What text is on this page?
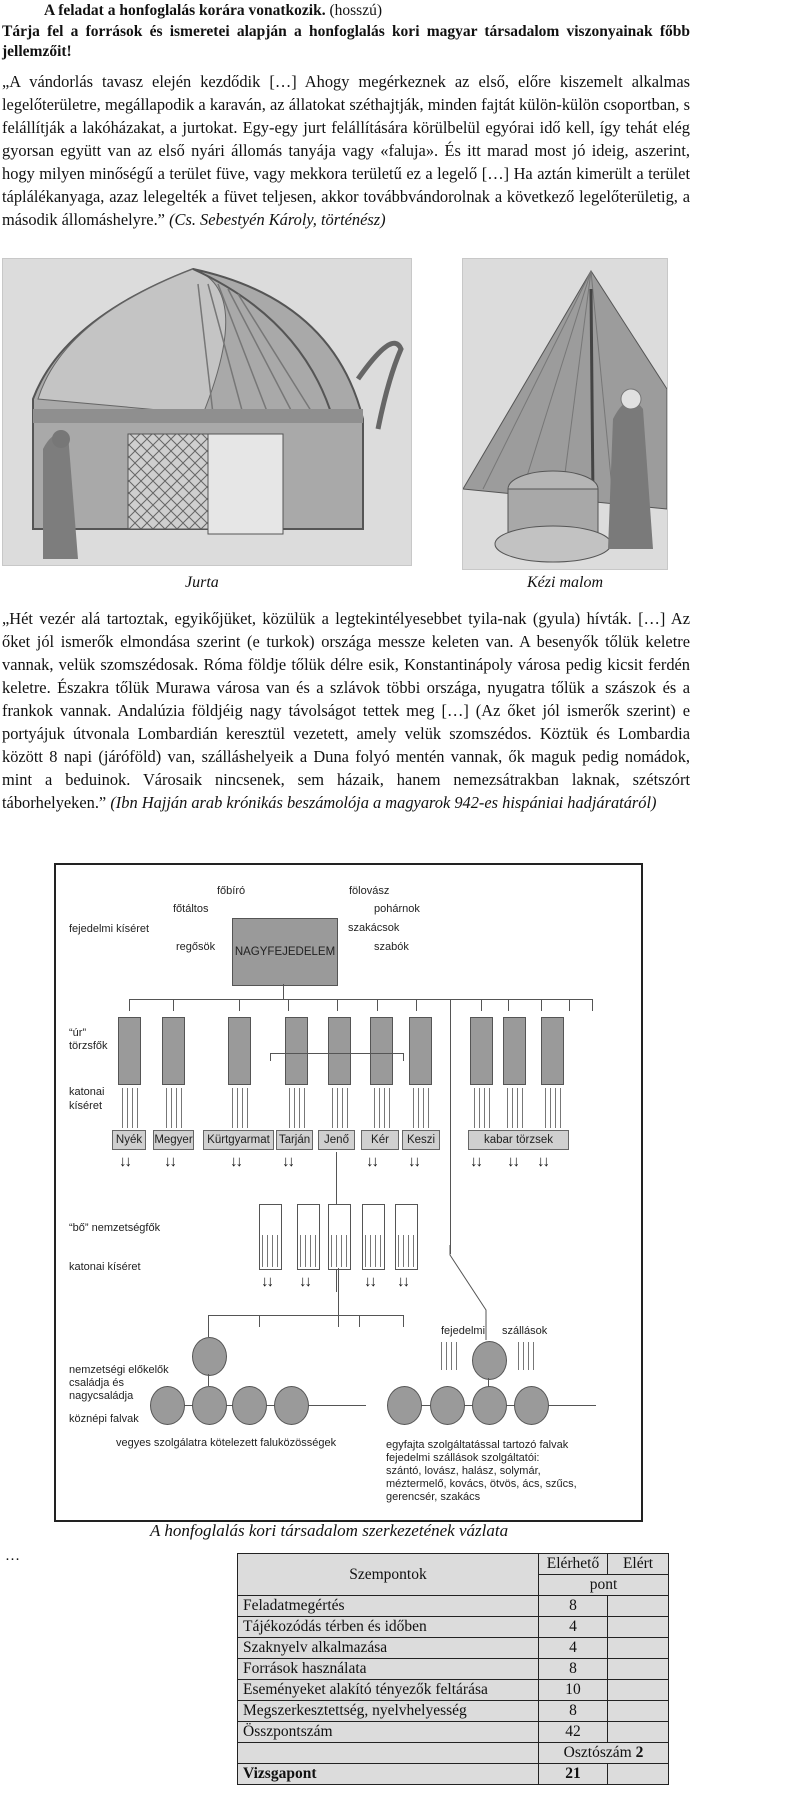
A feladat a honfoglalás korára vonatkozik. (hosszú)
Tárja fel a források és ismeretei alapján a honfoglalás kori magyar társadalom viszonyainak főbb jellemzőit!
„A vándorlás tavasz elején kezdődik […] Ahogy megérkeznek az első, előre kiszemelt alkalmas legelőterületre, megállapodik a karaván, az állatokat széthajtják, minden fajtát külön-külön csoportban, s felállítják a lakóházakat, a jurtokat. Egy-egy jurt felállítására körülbelül egyórai idő kell, így tehát elég gyorsan együtt van az első nyári állomás tanyája vagy «faluja». És itt marad most jó ideig, aszerint, hogy milyen minőségű a terület füve, vagy mekkora területű ez a legelő […] Ha aztán kimerült a terület táplálékanyaga, azaz lelegelték a füvet teljesen, akkor továbbvándorolnak a következő legelőterületig, a második állomáshelyre.” (Cs. Sebestyén Károly, történész)
Jurta	Kézi malom
„Hét vezér alá tartoztak, egyikőjüket, közülük a legtekintélyesebbet tyila-nak (gyula) hívták. […] Az őket jól ismerők elmondása szerint (e turkok) országa messze keleten van. A besenyők tőlük keletre vannak, velük szomszédosak. Róma földje tőlük délre esik, Konstantinápoly városa pedig kicsit ferdén keletre. Északra tőlük Murawa városa van és a szlávok többi országa, nyugatra tőlük a szászok és a frankok vannak. Andalúzia földjéig nagy távolságot tettek meg […] (Az őket jól ismerők szerint) e portyájuk útvonala Lombardián keresztül vezetett, amely velük szomszédos. Köztük és Lombardia között 8 napi (járóföld) van, szálláshelyeik a Duna folyó mentén vannak, ők maguk pedig nomádok, mint a beduinok. Városaik nincsenek, sem házaik, hanem nemezsátrakban laknak, szétszórt táborhelyeken.” (Ibn Hajján arab krónikás beszámolója a magyarok 942-es hispániai hadjáratáról)
fejedelmi kíséret
főbíró
főtáltos
regősök
fölovász
pohárnok
szakácsok
szabók
NAGYFEJEDELEM
“úr”
törzsfők
katonai
kíséret
Nyék	Megyer	Kürtgyarmat Tarján	Jenő	Kér	Keszi	kabar törzsek
↓↓ ↓↓	↓↓	↓↓	↓↓ ↓↓	↓↓ ↓↓ ↓↓
“bő” nemzetségfők
katonai kíséret
↓↓ ↓↓	↓↓ ↓↓
fejedelmi szállások
nemzetségi előkelők
családja és
nagycsaládja
köznépi falvak
vegyes szolgálatra kötelezett faluközösségek	egyfajta szolgáltatással tartozó falvak
fejedelmi szállások szolgáltatói:
szántó, lovász, halász, solymár,
méztermelő, kovács, ötvös, ács, szűcs,
gerencsér, szakács
A honfoglalás kori társadalom szerkezetének vázlata
…
Szempontok	Elérhető	Elért
	pont	
Feladatmegértés	8	
Tájékozódás térben és időben	4	
Szaknyelv alkalmazása	4	
Források használata	8	
Eseményeket alakító tényezők feltárása	10	
Megszerkesztettség, nyelvhelyesség	8	
Összpontszám	42	
	Osztószám 2	
Vizsgapont	21	
